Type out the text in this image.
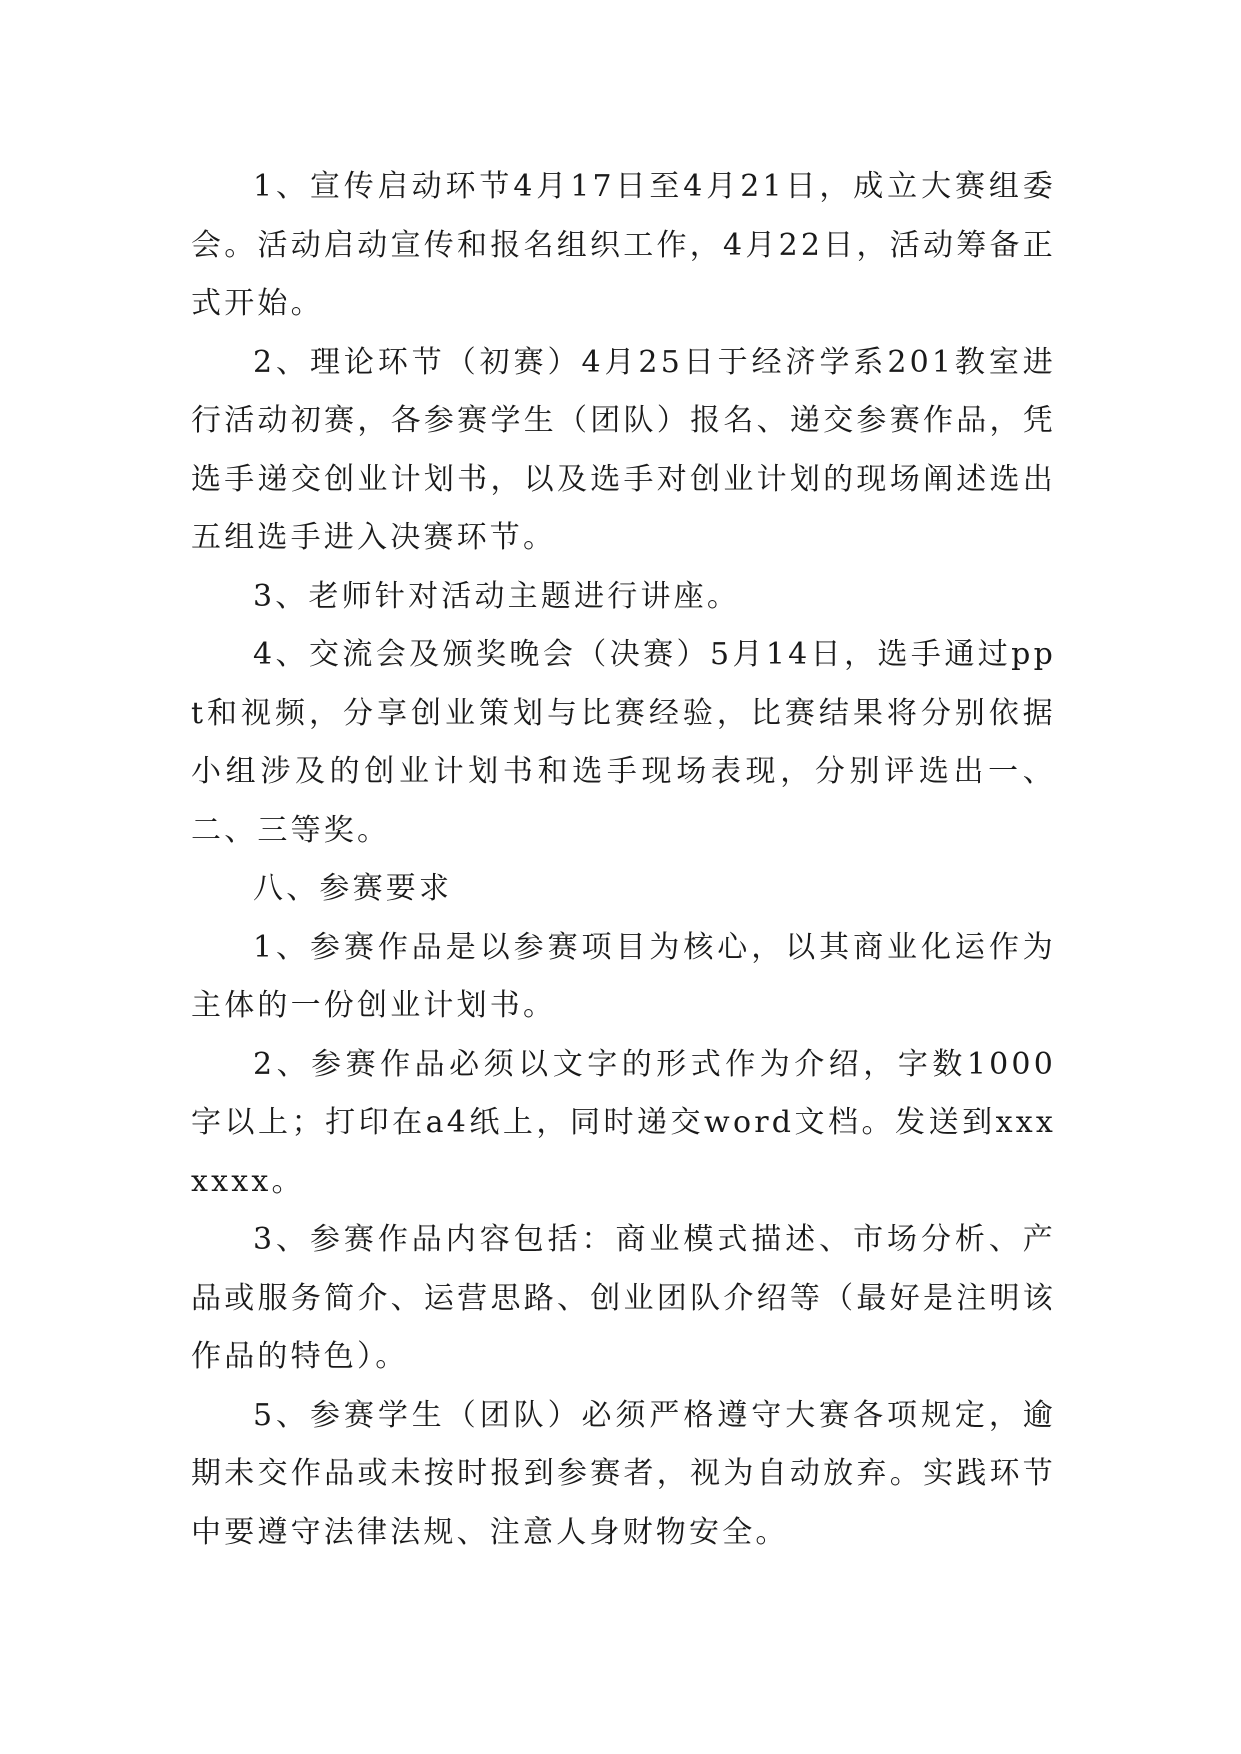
1、宣传启动环节4月17日至4月21日，成立大赛组委会。活动启动宣传和报名组织工作，4月22日，活动筹备正式开始。

2、理论环节（初赛）4月25日于经济学系201教室进行活动初赛，各参赛学生（团队）报名、递交参赛作品，凭选手递交创业计划书，以及选手对创业计划的现场阐述选出五组选手进入决赛环节。

3、老师针对活动主题进行讲座。

4、交流会及颁奖晚会（决赛）5月14日，选手通过ppt和视频，分享创业策划与比赛经验，比赛结果将分别依据小组涉及的创业计划书和选手现场表现，分别评选出一、二、三等奖。

八、参赛要求

1、参赛作品是以参赛项目为核心，以其商业化运作为主体的一份创业计划书。

2、参赛作品必须以文字的形式作为介绍，字数1000字以上；打印在a4纸上，同时递交word文档。发送到xxxxxxx。

3、参赛作品内容包括：商业模式描述、市场分析、产品或服务简介、运营思路、创业团队介绍等（最好是注明该作品的特色）。

5、参赛学生（团队）必须严格遵守大赛各项规定，逾期未交作品或未按时报到参赛者，视为自动放弃。实践环节中要遵守法律法规、注意人身财物安全。
